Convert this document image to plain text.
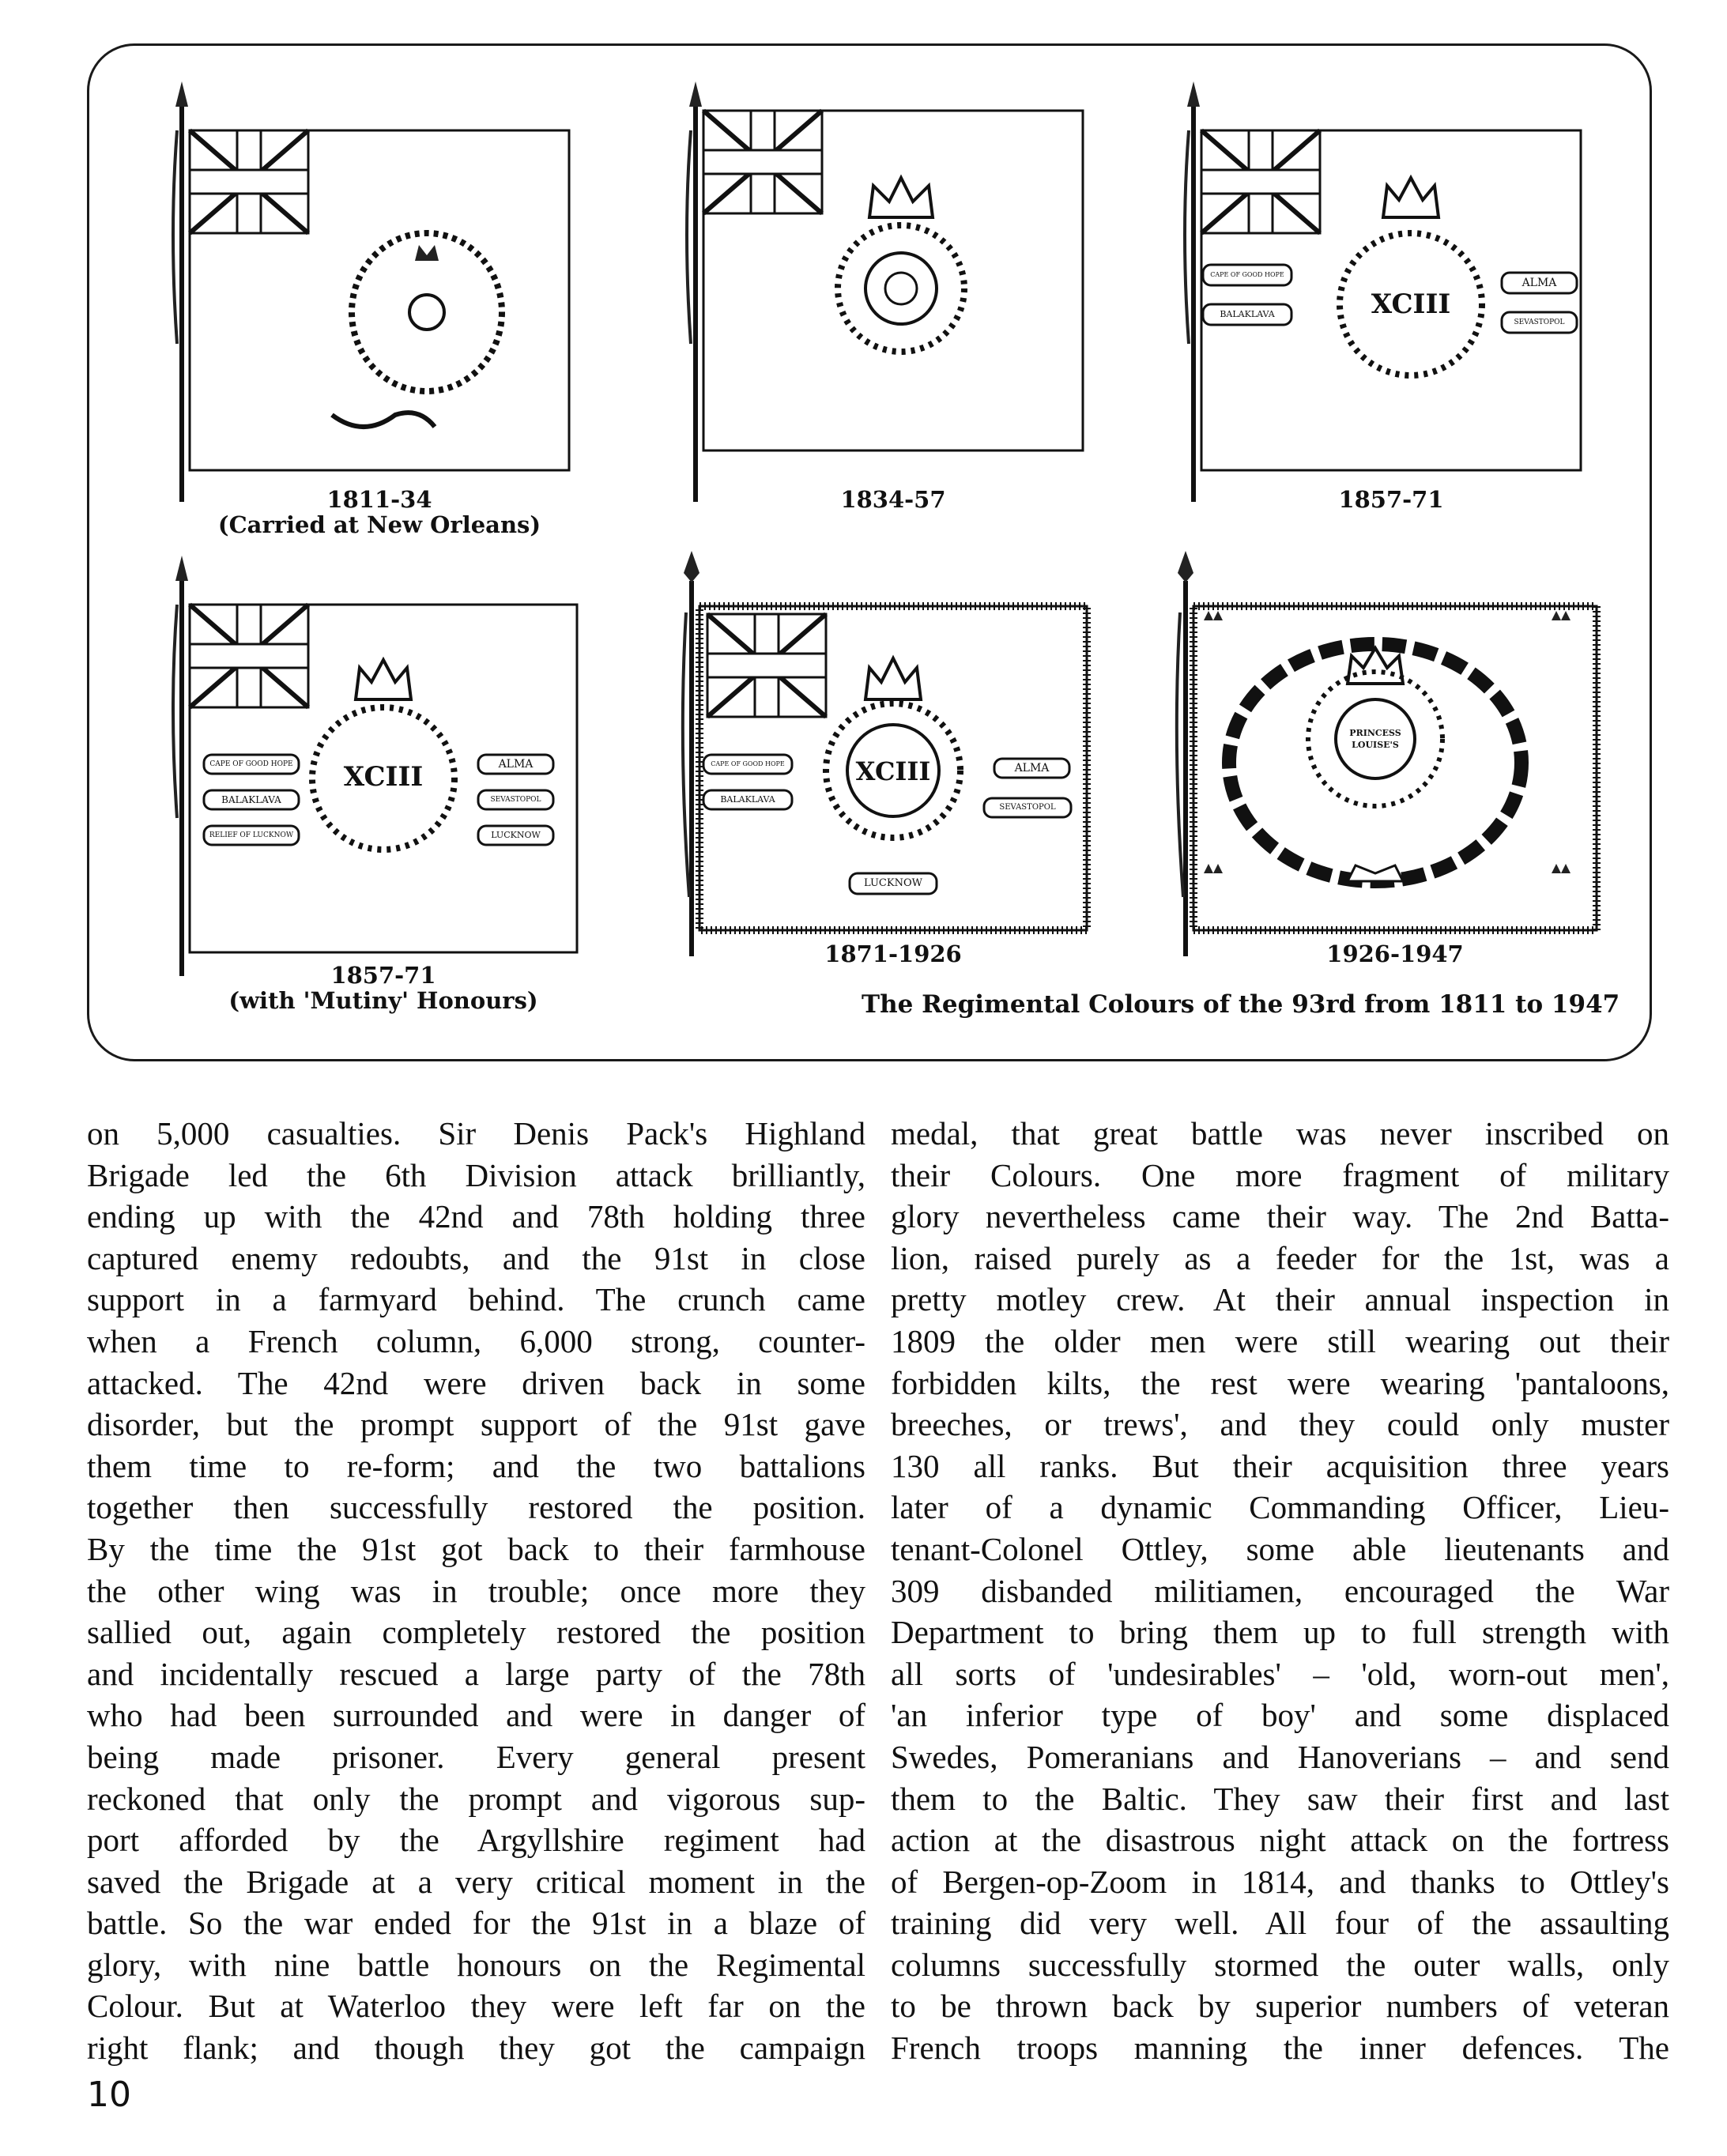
1811-34
(Carried at New Orleans)
1834-57
XCIII
CAPE OF GOOD HOPE
BALAKLAVA
ALMA
SEVASTOPOL
1857-71
XCIII
CAPE OF GOOD HOPE
BALAKLAVA
RELIEF OF LUCKNOW
ALMA
SEVASTOPOL
LUCKNOW
1857-71
(with 'Mutiny' Honours)
XCIII
CAPE OF GOOD HOPE
BALAKLAVA
ALMA
SEVASTOPOL
LUCKNOW
1871-1926
PRINCESS LOUISE'S
1926-1947
The Regimental Colours of the 93rd from 1811 to 1947

on 5,000 casualties. Sir Denis Pack's Highland

Brigade led the 6th Division attack brilliantly,

ending up with the 42nd and 78th holding three

captured enemy redoubts, and the 91st in close

support in a farmyard behind. The crunch came

when a French column, 6,000 strong, counter-

attacked. The 42nd were driven back in some

disorder, but the prompt support of the 91st gave

them time to re-form; and the two battalions

together then successfully restored the position.

By the time the 91st got back to their farmhouse

the other wing was in trouble; once more they

sallied out, again completely restored the position

and incidentally rescued a large party of the 78th

who had been surrounded and were in danger of

being made prisoner. Every general present

reckoned that only the prompt and vigorous sup-

port afforded by the Argyllshire regiment had

saved the Brigade at a very critical moment in the

battle. So the war ended for the 91st in a blaze of

glory, with nine battle honours on the Regimental

Colour. But at Waterloo they were left far on the

right flank; and though they got the campaign

medal, that great battle was never inscribed on

their Colours. One more fragment of military

glory nevertheless came their way. The 2nd Batta-

lion, raised purely as a feeder for the 1st, was a

pretty motley crew. At their annual inspection in

1809 the older men were still wearing out their

forbidden kilts, the rest were wearing 'pantaloons,

breeches, or trews', and they could only muster

130 all ranks. But their acquisition three years

later of a dynamic Commanding Officer, Lieu-

tenant-Colonel Ottley, some able lieutenants and

309 disbanded militiamen, encouraged the War

Department to bring them up to full strength with

all sorts of 'undesirables' – 'old, worn-out men',

'an inferior type of boy' and some displaced

Swedes, Pomeranians and Hanoverians – and send

them to the Baltic. They saw their first and last

action at the disastrous night attack on the fortress

of Bergen-op-Zoom in 1814, and thanks to Ottley's

training did very well. All four of the assaulting

columns successfully stormed the outer walls, only

to be thrown back by superior numbers of veteran

French troops manning the inner defences. The

10
